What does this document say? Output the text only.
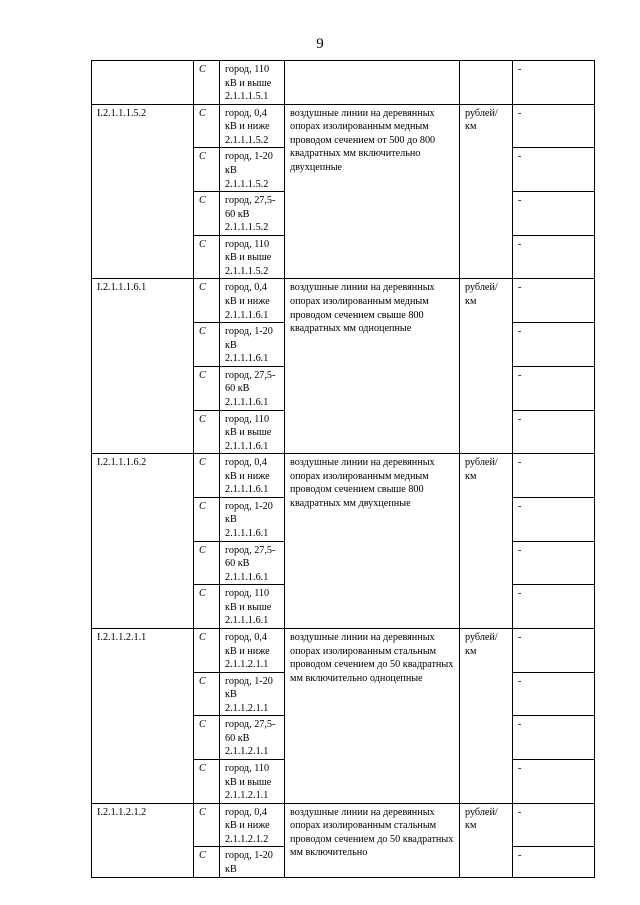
9
	С	город, 110 кВ и выше 2.1.1.1.5.1			-
I.2.1.1.1.5.2	С	город, 0,4 кВ и ниже 2.1.1.1.5.2	воздушные линии на деревянных опорах изолированным медным проводом сечением от 500 до 800 квадратных мм включительно двухцепные	рублей/км	-
	С	город, 1-20 кВ 2.1.1.1.5.2			-
	С	город, 27,5-60 кВ 2.1.1.1.5.2			-
	С	город, 110 кВ и выше 2.1.1.1.5.2			-
I.2.1.1.1.6.1	С	город, 0,4 кВ и ниже 2.1.1.1.6.1	воздушные линии на деревянных опорах изолированным медным проводом сечением свыше 800 квадратных мм одноцепные	рублей/км	-
	С	город, 1-20 кВ 2.1.1.1.6.1			-
	С	город, 27,5-60 кВ 2.1.1.1.6.1			-
	С	город, 110 кВ и выше 2.1.1.1.6.1			-
I.2.1.1.1.6.2	С	город, 0,4 кВ и ниже 2.1.1.1.6.1	воздушные линии на деревянных опорах изолированным медным проводом сечением свыше 800 квадратных мм двухцепные	рублей/км	-
	С	город, 1-20 кВ 2.1.1.1.6.1			-
	С	город, 27,5-60 кВ 2.1.1.1.6.1			-
	С	город, 110 кВ и выше 2.1.1.1.6.1			-
I.2.1.1.2.1.1	С	город, 0,4 кВ и ниже 2.1.1.2.1.1	воздушные линии на деревянных опорах изолированным стальным проводом сечением до 50 квадратных мм включительно одноцепные	рублей/км	-
	С	город, 1-20 кВ 2.1.1.2.1.1			-
	С	город, 27,5-60 кВ 2.1.1.2.1.1			-
	С	город, 110 кВ и выше 2.1.1.2.1.1			-
I.2.1.1.2.1.2	С	город, 0,4 кВ и ниже 2.1.1.2.1.2	воздушные линии на деревянных опорах изолированным стальным проводом сечением до 50 квадратных мм включительно	рублей/км	-
	С	город, 1-20 кВ			-
